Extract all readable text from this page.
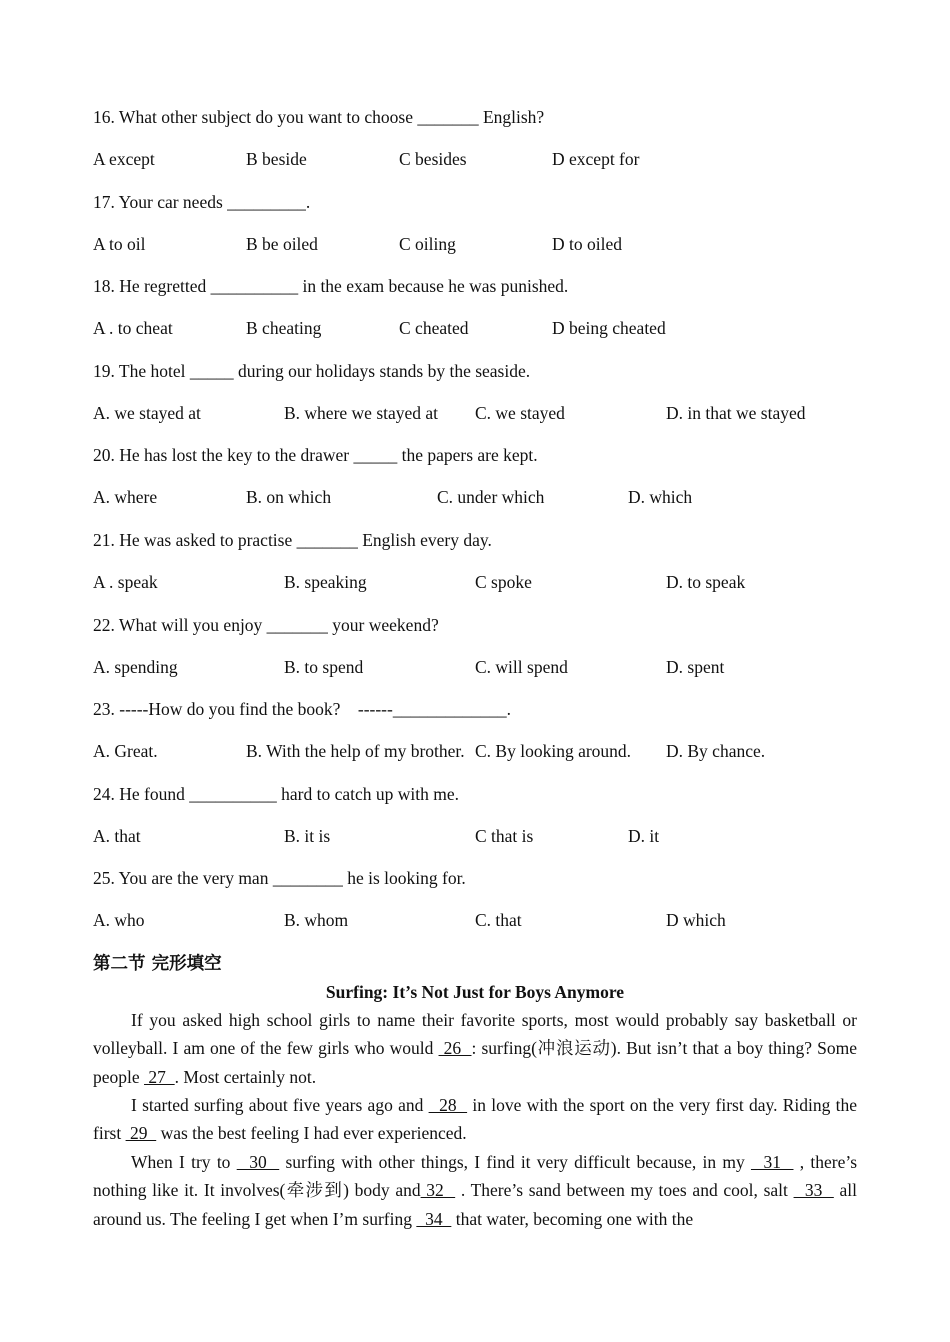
16. What other subject do you want to choose _______ English?
A except	B beside	C besides	D except for
17. Your car needs _________.
A to oil	B be oiled	C oiling	D to oiled
18. He regretted __________ in the exam because he was punished.
A . to cheat	B cheating	C cheated	D being cheated
19. The hotel _____ during our holidays stands by the seaside.
A. we stayed at	B. where we stayed at C. we stayed	D. in that we stayed
20. He has lost the key to the drawer _____ the papers are kept.
A. where	B. on which	C. under which	D. which
21. He was asked to practise _______ English every day.
A . speak	B. speaking	C spoke	D. to speak
22. What will you enjoy _______ your weekend?
A. spending	B. to spend	C. will spend	D. spent
23. -----How do you find the book?    ------_____________.
A. Great.	B. With the help of my brother. C. By looking around. D. By chance.
24. He found __________ hard to catch up with me.
A. that	B. it is	C that is	D. it
25. You are the very man ________ he is looking for.
A. who	B. whom	C. that	D which
第二节 完形填空
Surfing: It’s Not Just for Boys Anymore
If you asked high school girls to name their favorite sports, most would probably say basketball or volleyball. I am one of the few girls who would  26  : surfing(冲浪运动). But isn’t that a boy thing? Some people  27  . Most certainly not.
I started surfing about five years ago and   28   in love with the sport on the very first day. Riding the first  29   was the best feeling I had ever experienced.
When I try to   30   surfing with other things, I find it very difficult because, in my   31   , there’s nothing like it. It involves(牵涉到) body and 32   . There’s sand between my toes and cool, salt   33   all around us. The feeling I get when I’m surfing   34   that water, becoming one with the
